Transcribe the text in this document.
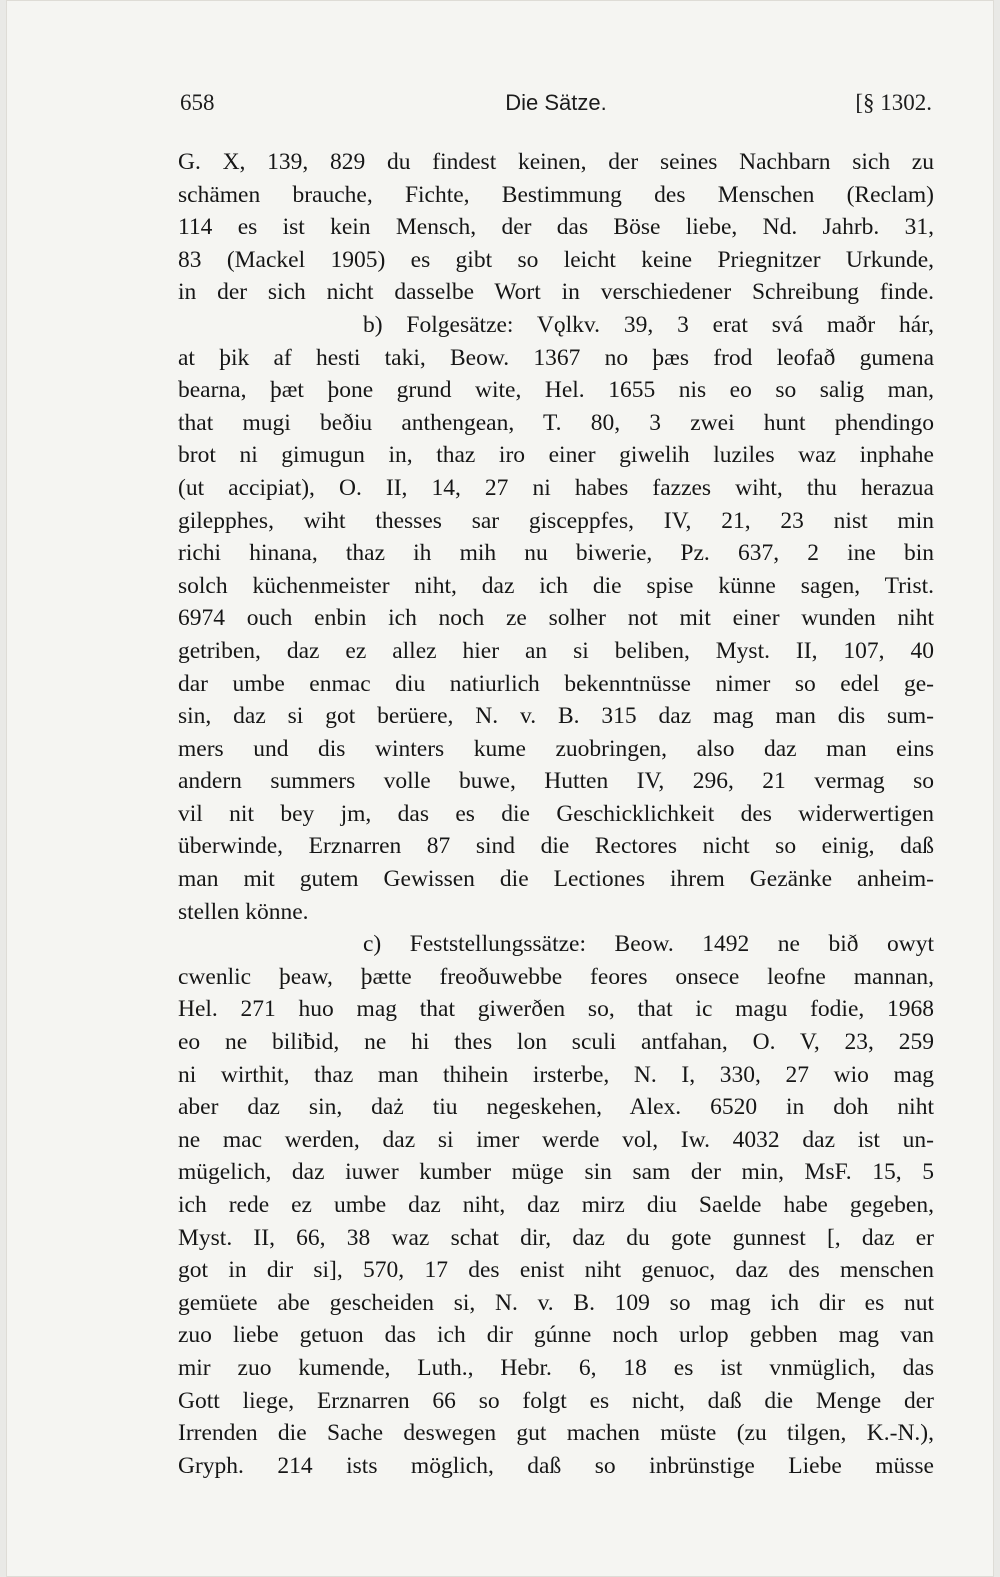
658	Die Sätze.	[§ 1302.
G. X, 139, 829 du findest keinen, der seines Nachbarn sich zu
schämen brauche, Fichte, Bestimmung des Menschen (Reclam)
114 es ist kein Mensch, der das Böse liebe, Nd. Jahrb. 31,
83 (Mackel 1905) es gibt so leicht keine Priegnitzer Urkunde,
in der sich nicht dasselbe Wort in verschiedener Schreibung finde.
b) Folgesätze: Vǫlkv. 39, 3 erat svá maðr hár,
at þik af hesti taki, Beow. 1367 no þæs frod leofað gumena
bearna, þæt þone grund wite, Hel. 1655 nis eo so salig man,
that mugi beðiu anthengean, T. 80, 3 zwei hunt phendingo
brot ni gimugun in, thaz iro einer giwelih luziles waz inphahe
(ut accipiat), O. II, 14, 27 ni habes fazzes wiht, thu herazua
gilepphes, wiht thesses sar gisceppfes, IV, 21, 23 nist min
richi hinana, thaz ih mih nu biwerie, Pz. 637, 2 ine bin
solch küchenmeister niht, daz ich die spise künne sagen, Trist.
6974 ouch enbin ich noch ze solher not mit einer wunden niht
getriben, daz ez allez hier an si beliben, Myst. II, 107, 40
dar umbe enmac diu natiurlich bekenntnüsse nimer so edel ge-
sin, daz si got berüere, N. v. B. 315 daz mag man dis sum-
mers und dis winters kume zuobringen, also daz man eins
andern summers volle buwe, Hutten IV, 296, 21 vermag so
vil nit bey jm, das es die Geschicklichkeit des widerwertigen
überwinde, Erznarren 87 sind die Rectores nicht so einig, daß
man mit gutem Gewissen die Lectiones ihrem Gezänke anheim-
stellen könne.
c) Feststellungssätze: Beow. 1492 ne bið owyt
cwenlic þeaw, þætte freoðuwebbe feores onsece leofne mannan,
Hel. 271 huo mag that giwerðen so, that ic magu fodie, 1968
eo ne biliƀid, ne hi thes lon sculi antfahan, O. V, 23, 259
ni wirthit, thaz man thihein irsterbe, N. I, 330, 27 wio mag
aber daz sin, daż tiu negeskehen, Alex. 6520 in doh niht
ne mac werden, daz si imer werde vol, Iw. 4032 daz ist un-
mügelich, daz iuwer kumber müge sin sam der min, MsF. 15, 5
ich rede ez umbe daz niht, daz mirz diu Saelde habe gegeben,
Myst. II, 66, 38 waz schat dir, daz du gote gunnest [, daz er
got in dir si], 570, 17 des enist niht genuoc, daz des menschen
gemüete abe gescheiden si, N. v. B. 109 so mag ich dir es nut
zuo liebe getuon das ich dir gúnne noch urlop gebben mag van
mir zuo kumende, Luth., Hebr. 6, 18 es ist vnmüglich, das
Gott liege, Erznarren 66 so folgt es nicht, daß die Menge der
Irrenden die Sache deswegen gut machen müste (zu tilgen, K.-N.),
Gryph. 214 ists möglich, daß so inbrünstige Liebe müsse
